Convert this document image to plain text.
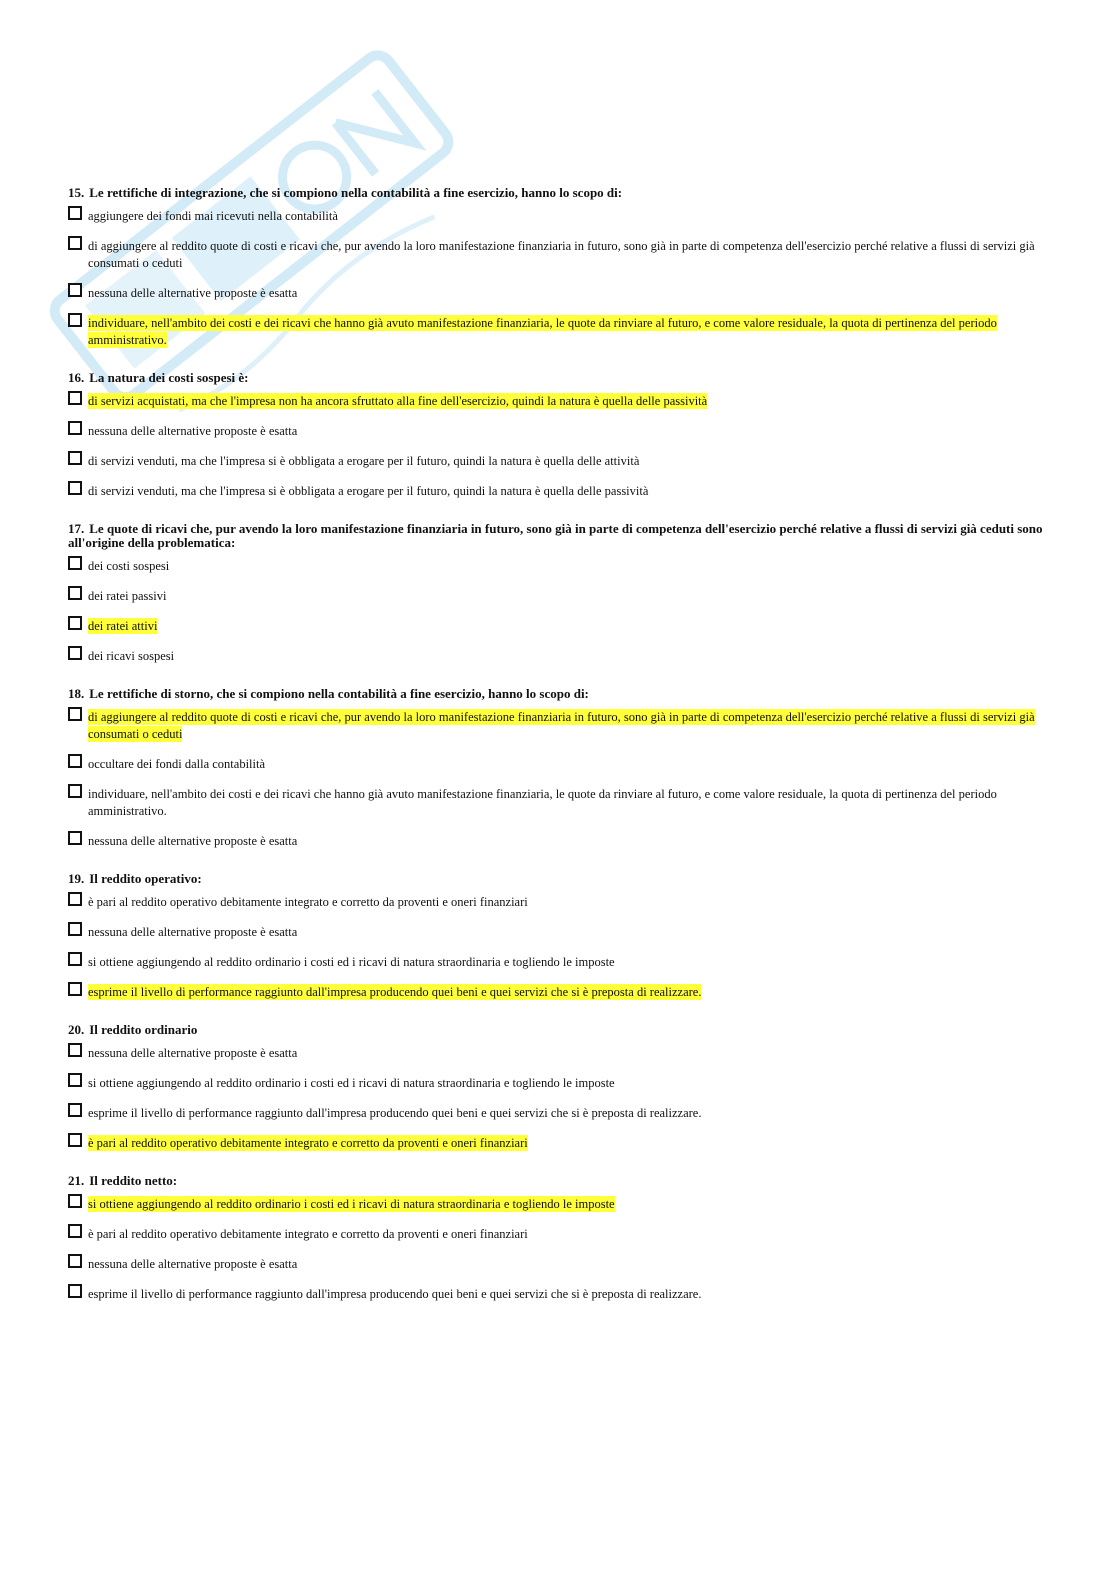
15. Le rettifiche di integrazione, che si compiono nella contabilità a fine esercizio, hanno lo scopo di:
aggiungere dei fondi mai ricevuti nella contabilità
di aggiungere al reddito quote di costi e ricavi che, pur avendo la loro manifestazione finanziaria in futuro, sono già in parte di competenza dell'esercizio perché relative a flussi di servizi già consumati o ceduti
nessuna delle alternative proposte è esatta
individuare, nell'ambito dei costi e dei ricavi che hanno già avuto manifestazione finanziaria, le quote da rinviare al futuro, e come valore residuale, la quota di pertinenza del periodo amministrativo.
16. La natura dei costi sospesi è:
di servizi acquistati, ma che l'impresa non ha ancora sfruttato alla fine dell'esercizio, quindi la natura è quella delle passività
nessuna delle alternative proposte è esatta
di servizi venduti, ma che l'impresa si è obbligata a erogare per il futuro, quindi la natura è quella delle attività
di servizi venduti, ma che l'impresa si è obbligata a erogare per il futuro, quindi la natura è quella delle passività
17. Le quote di ricavi che, pur avendo la loro manifestazione finanziaria in futuro, sono già in parte di competenza dell'esercizio perché relative a flussi di servizi già ceduti sono all'origine della problematica:
dei costi sospesi
dei ratei passivi
dei ratei attivi
dei ricavi sospesi
18. Le rettifiche di storno, che si compiono nella contabilità a fine esercizio, hanno lo scopo di:
di aggiungere al reddito quote di costi e ricavi che, pur avendo la loro manifestazione finanziaria in futuro, sono già in parte di competenza dell'esercizio perché relative a flussi di servizi già consumati o ceduti
occultare dei fondi dalla contabilità
individuare, nell'ambito dei costi e dei ricavi che hanno già avuto manifestazione finanziaria, le quote da rinviare al futuro, e come valore residuale, la quota di pertinenza del periodo amministrativo.
nessuna delle alternative proposte è esatta
19. Il reddito operativo:
è pari al reddito operativo debitamente integrato e corretto da proventi e oneri finanziari
nessuna delle alternative proposte è esatta
si ottiene aggiungendo al reddito ordinario i costi ed i ricavi di natura straordinaria e togliendo le imposte
esprime il livello di performance raggiunto dall'impresa producendo quei beni e quei servizi che si è preposta di realizzare.
20. Il reddito ordinario
nessuna delle alternative proposte è esatta
si ottiene aggiungendo al reddito ordinario i costi ed i ricavi di natura straordinaria e togliendo le imposte
esprime il livello di performance raggiunto dall'impresa producendo quei beni e quei servizi che si è preposta di realizzare.
è pari al reddito operativo debitamente integrato e corretto da proventi e oneri finanziari
21. Il reddito netto:
si ottiene aggiungendo al reddito ordinario i costi ed i ricavi di natura straordinaria e togliendo le imposte
è pari al reddito operativo debitamente integrato e corretto da proventi e oneri finanziari
nessuna delle alternative proposte è esatta
esprime il livello di performance raggiunto dall'impresa producendo quei beni e quei servizi che si è preposta di realizzare.
